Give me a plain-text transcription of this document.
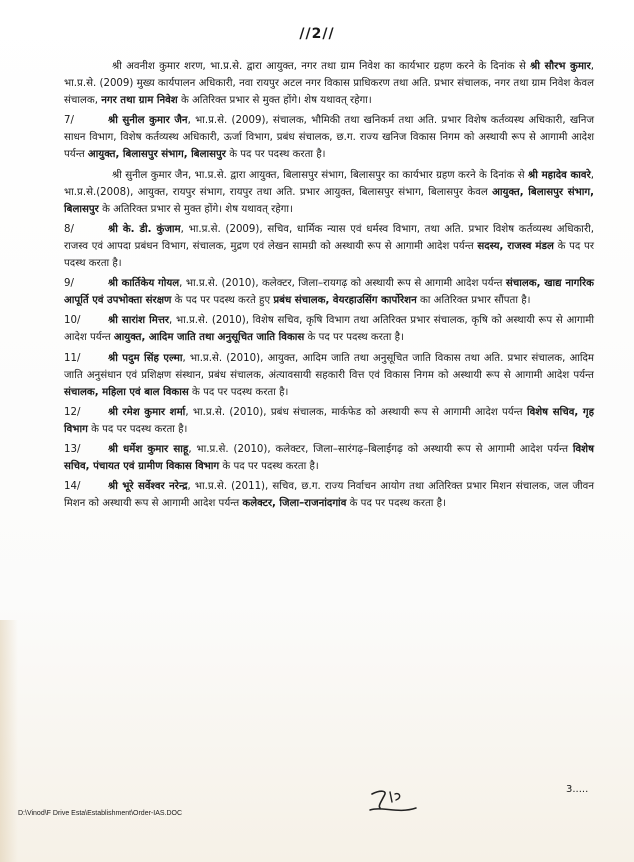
//2//

श्री अवनीश कुमार शरण, भा.प्र.से. द्वारा आयुक्त, नगर तथा ग्राम निवेश का कार्यभार ग्रहण करने के दिनांक से श्री सौरभ कुमार, भा.प्र.से. (2009) मुख्य कार्यपालन अधिकारी, नवा रायपुर अटल नगर विकास प्राधिकरण तथा अति. प्रभार संचालक, नगर तथा ग्राम निवेश केवल संचालक, नगर तथा ग्राम निवेश के अतिरिक्त प्रभार से मुक्त होंगे। शेष यथावत् रहेगा।

7/	श्री सुनील कुमार जैन, भा.प्र.से. (2009), संचालक, भौमिकी तथा खनिकर्म तथा अति. प्रभार विशेष कर्तव्यस्थ अधिकारी, खनिज साधन विभाग, विशेष कर्तव्यस्थ अधिकारी, ऊर्जा विभाग, प्रबंध संचालक, छ.ग. राज्य खनिज विकास निगम को अस्थायी रूप से आगामी आदेश पर्यन्त आयुक्त, बिलासपुर संभाग, बिलासपुर के पद पर पदस्थ करता है।

श्री सुनील कुमार जैन, भा.प्र.से. द्वारा आयुक्त, बिलासपुर संभाग, बिलासपुर का कार्यभार ग्रहण करने के दिनांक से श्री महादेव कावरे, भा.प्र.से.(2008), आयुक्त, रायपुर संभाग, रायपुर तथा अति. प्रभार आयुक्त, बिलासपुर संभाग, बिलासपुर केवल आयुक्त, बिलासपुर संभाग, बिलासपुर के अतिरिक्त प्रभार से मुक्त होंगे। शेष यथावत् रहेगा।

8/	श्री के. डी. कुंजाम, भा.प्र.से. (2009), सचिव, धार्मिक न्यास एवं धर्मस्व विभाग, तथा अति. प्रभार विशेष कर्तव्यस्थ अधिकारी, राजस्व एवं आपदा प्रबंधन विभाग, संचालक, मुद्रण एवं लेखन सामग्री को अस्थायी रूप से आगामी आदेश पर्यन्त सदस्य, राजस्व मंडल के पद पर पदस्थ करता है।

9/	श्री कार्तिकेय गोयल, भा.प्र.से. (2010), कलेक्टर, जिला–रायगढ़ को अस्थायी रूप से आगामी आदेश पर्यन्त संचालक, खाद्य नागरिक आपूर्ति एवं उपभोक्ता संरक्षण के पद पर पदस्थ करते हुए प्रबंध संचालक, वेयरहाउसिंग कार्पोरेशन का अतिरिक्त प्रभार सौंपता है।

10/	श्री सारांश मित्तर, भा.प्र.से. (2010), विशेष सचिव, कृषि विभाग तथा अतिरिक्त प्रभार संचालक, कृषि को अस्थायी रूप से आगामी आदेश पर्यन्त आयुक्त, आदिम जाति तथा अनुसूचित जाति विकास के पद पर पदस्थ करता है।

11/	श्री पदुम सिंह एल्मा, भा.प्र.से. (2010), आयुक्त, आदिम जाति तथा अनुसूचित जाति विकास तथा अति. प्रभार संचालक, आदिम जाति अनुसंधान एवं प्रशिक्षण संस्थान, प्रबंध संचालक, अंत्यावसायी सहकारी वित्त एवं विकास निगम को अस्थायी रूप से आगामी आदेश पर्यन्त संचालक, महिला एवं बाल विकास के पद पर पदस्थ करता है।

12/	श्री रमेश कुमार शर्मा, भा.प्र.से. (2010), प्रबंध संचालक, मार्कफेड को अस्थायी रूप से आगामी आदेश पर्यन्त विशेष सचिव, गृह विभाग के पद पर पदस्थ करता है।

13/	श्री धर्मेश कुमार साहू, भा.प्र.से. (2010), कलेक्टर, जिला–सारंगढ़–बिलाईगढ़ को अस्थायी रूप से आगामी आदेश पर्यन्त विशेष सचिव, पंचायत एवं ग्रामीण विकास विभाग के पद पर पदस्थ करता है।

14/	श्री भूरे सर्वेश्वर नरेन्द्र, भा.प्र.से. (2011), सचिव, छ.ग. राज्य निर्वाचन आयोग तथा अतिरिक्त प्रभार मिशन संचालक, जल जीवन मिशन को अस्थायी रूप से आगामी आदेश पर्यन्त कलेक्टर, जिला–राजनांदगांव के पद पर पदस्थ करता है।

3.....
D:\Vinod\F Drive Esta\Establishment\Order-IAS.DOC
